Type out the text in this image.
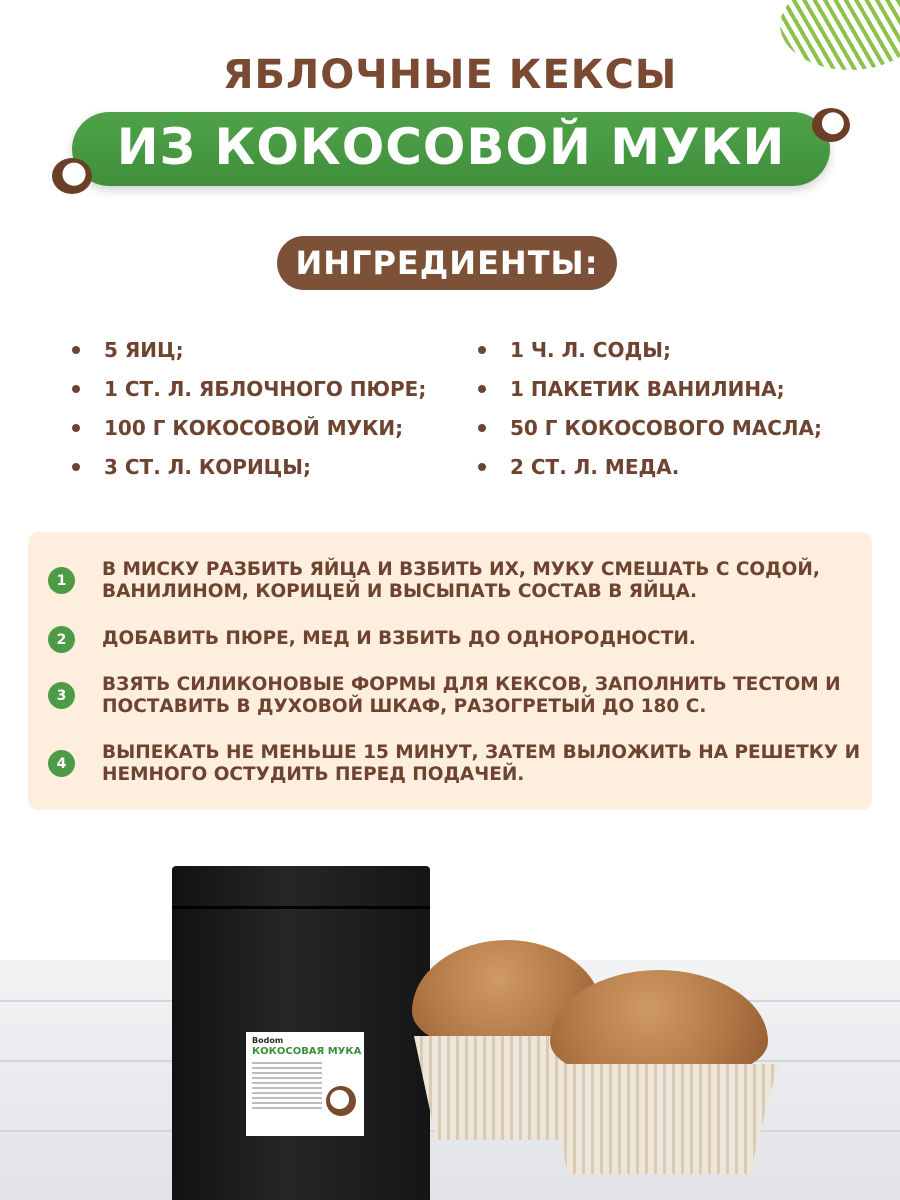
ЯБЛОЧНЫЕ КЕКСЫ
ИЗ КОКОСОВОЙ МУКИ
ИНГРЕДИЕНТЫ:
5 ЯИЦ;
1 СТ. Л. ЯБЛОЧНОГО ПЮРЕ;
100 Г КОКОСОВОЙ МУКИ;
3 СТ. Л. КОРИЦЫ;
1 Ч. Л. СОДЫ;
1 ПАКЕТИК ВАНИЛИНА;
50 Г КОКОСОВОГО МАСЛА;
2 СТ. Л. МЕДА.
1
В МИСКУ РАЗБИТЬ ЯЙЦА И ВЗБИТЬ ИХ, МУКУ СМЕШАТЬ С СОДОЙ, ВАНИЛИНОМ, КОРИЦЕЙ И ВЫСЫПАТЬ СОСТАВ В ЯЙЦА.
2	ДОБАВИТЬ ПЮРЕ, МЕД И ВЗБИТЬ ДО ОДНОРОДНОСТИ.
3
ВЗЯТЬ СИЛИКОНОВЫЕ ФОРМЫ ДЛЯ КЕКСОВ, ЗАПОЛНИТЬ ТЕСТОМ И ПОСТАВИТЬ В ДУХОВОЙ ШКАФ, РАЗОГРЕТЫЙ ДО 180 С.
4
ВЫПЕКАТЬ НЕ МЕНЬШЕ 15 МИНУТ, ЗАТЕМ ВЫЛОЖИТЬ НА РЕШЕТКУ И НЕМНОГО ОСТУДИТЬ ПЕРЕД ПОДАЧЕЙ.
Bodom
КОКОСОВАЯ МУКА
